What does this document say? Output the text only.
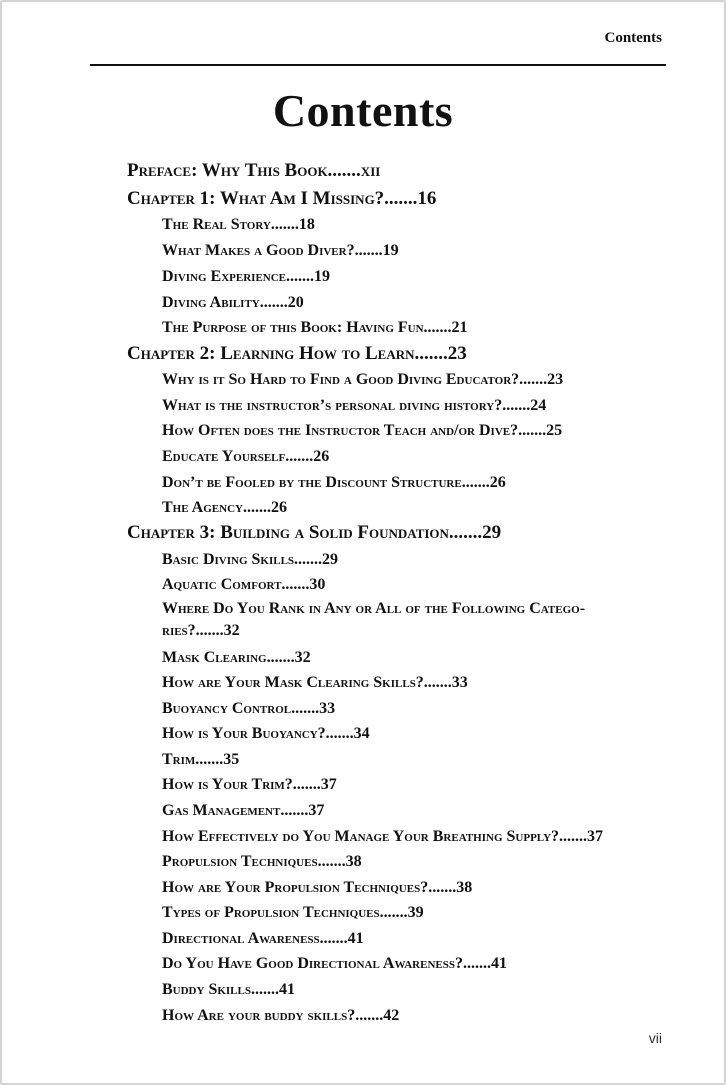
Contents
Contents
Preface: Why This Book.......xii
Chapter 1: What Am I Missing?.......16
The Real Story.......18
What Makes a Good Diver?.......19
Diving Experience.......19
Diving Ability.......20
The Purpose of this Book: Having Fun.......21
Chapter 2: Learning How to Learn.......23
Why is it So Hard to Find a Good Diving Educator?.......23
What is the instructor’s personal diving history?.......24
How Often does the Instructor Teach and/or Dive?.......25
Educate Yourself.......26
Don’t be Fooled by the Discount Structure.......26
The Agency.......26
Chapter 3: Building a Solid Foundation.......29
Basic Diving Skills.......29
Aquatic Comfort.......30
Where Do You Rank in Any or All of the Following Catego-ries?.......32
Mask Clearing.......32
How are Your Mask Clearing Skills?.......33
Buoyancy Control.......33
How is Your Buoyancy?.......34
Trim.......35
How is Your Trim?.......37
Gas Management.......37
How Effectively do You Manage Your Breathing Supply?.......37
Propulsion Techniques.......38
How are Your Propulsion Techniques?.......38
Types of Propulsion Techniques.......39
Directional Awareness.......41
Do You Have Good Directional Awareness?.......41
Buddy Skills.......41
How Are your buddy skills?.......42
vii
